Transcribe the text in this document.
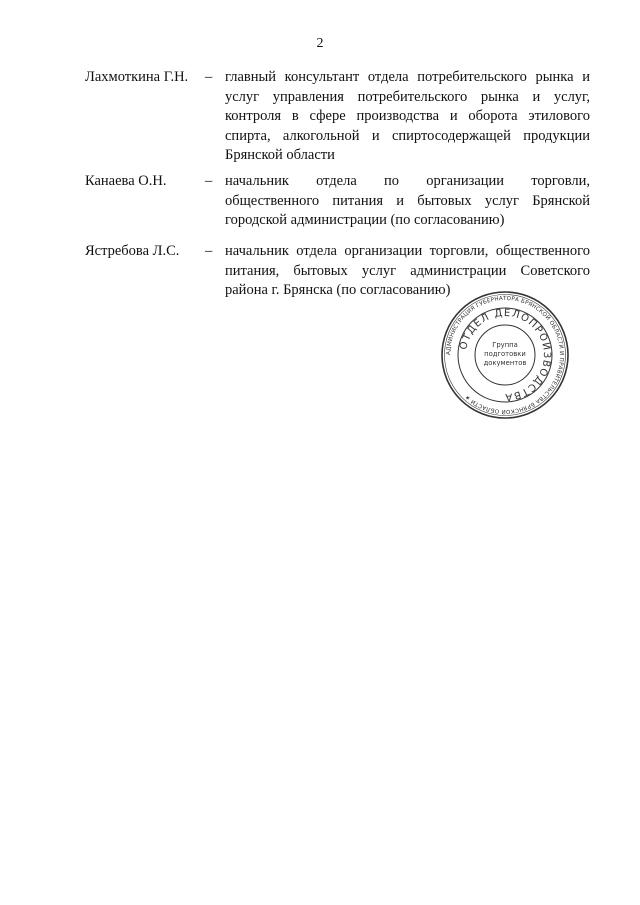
2
Лахмоткина Г.Н. – главный консультант отдела потребительского рынка и услуг управления потребительского рынка и услуг, контроля в сфере производства и оборота этилового спирта, алкогольной и спиртосодержащей продукции Брянской области
Канаева О.Н.	– начальник отдела по организации торговли, общественного питания и бытовых услуг Брянской городской администрации (по согласованию)
Ястребова Л.С. – начальник отдела организации торговли, общественного питания, бытовых услуг администрации Советского района г. Брянска (по согласованию)
АДМИНИСТРАЦИЯ ГУБЕРНАТОРА БРЯНСКОЙ ОБЛАСТИ И ПРАВИТЕЛЬСТВА БРЯНСКОЙ ОБЛАСТИ ★
ОТДЕЛ ДЕЛОПРОИЗВОДСТВА
Группа
подготовки
документов
